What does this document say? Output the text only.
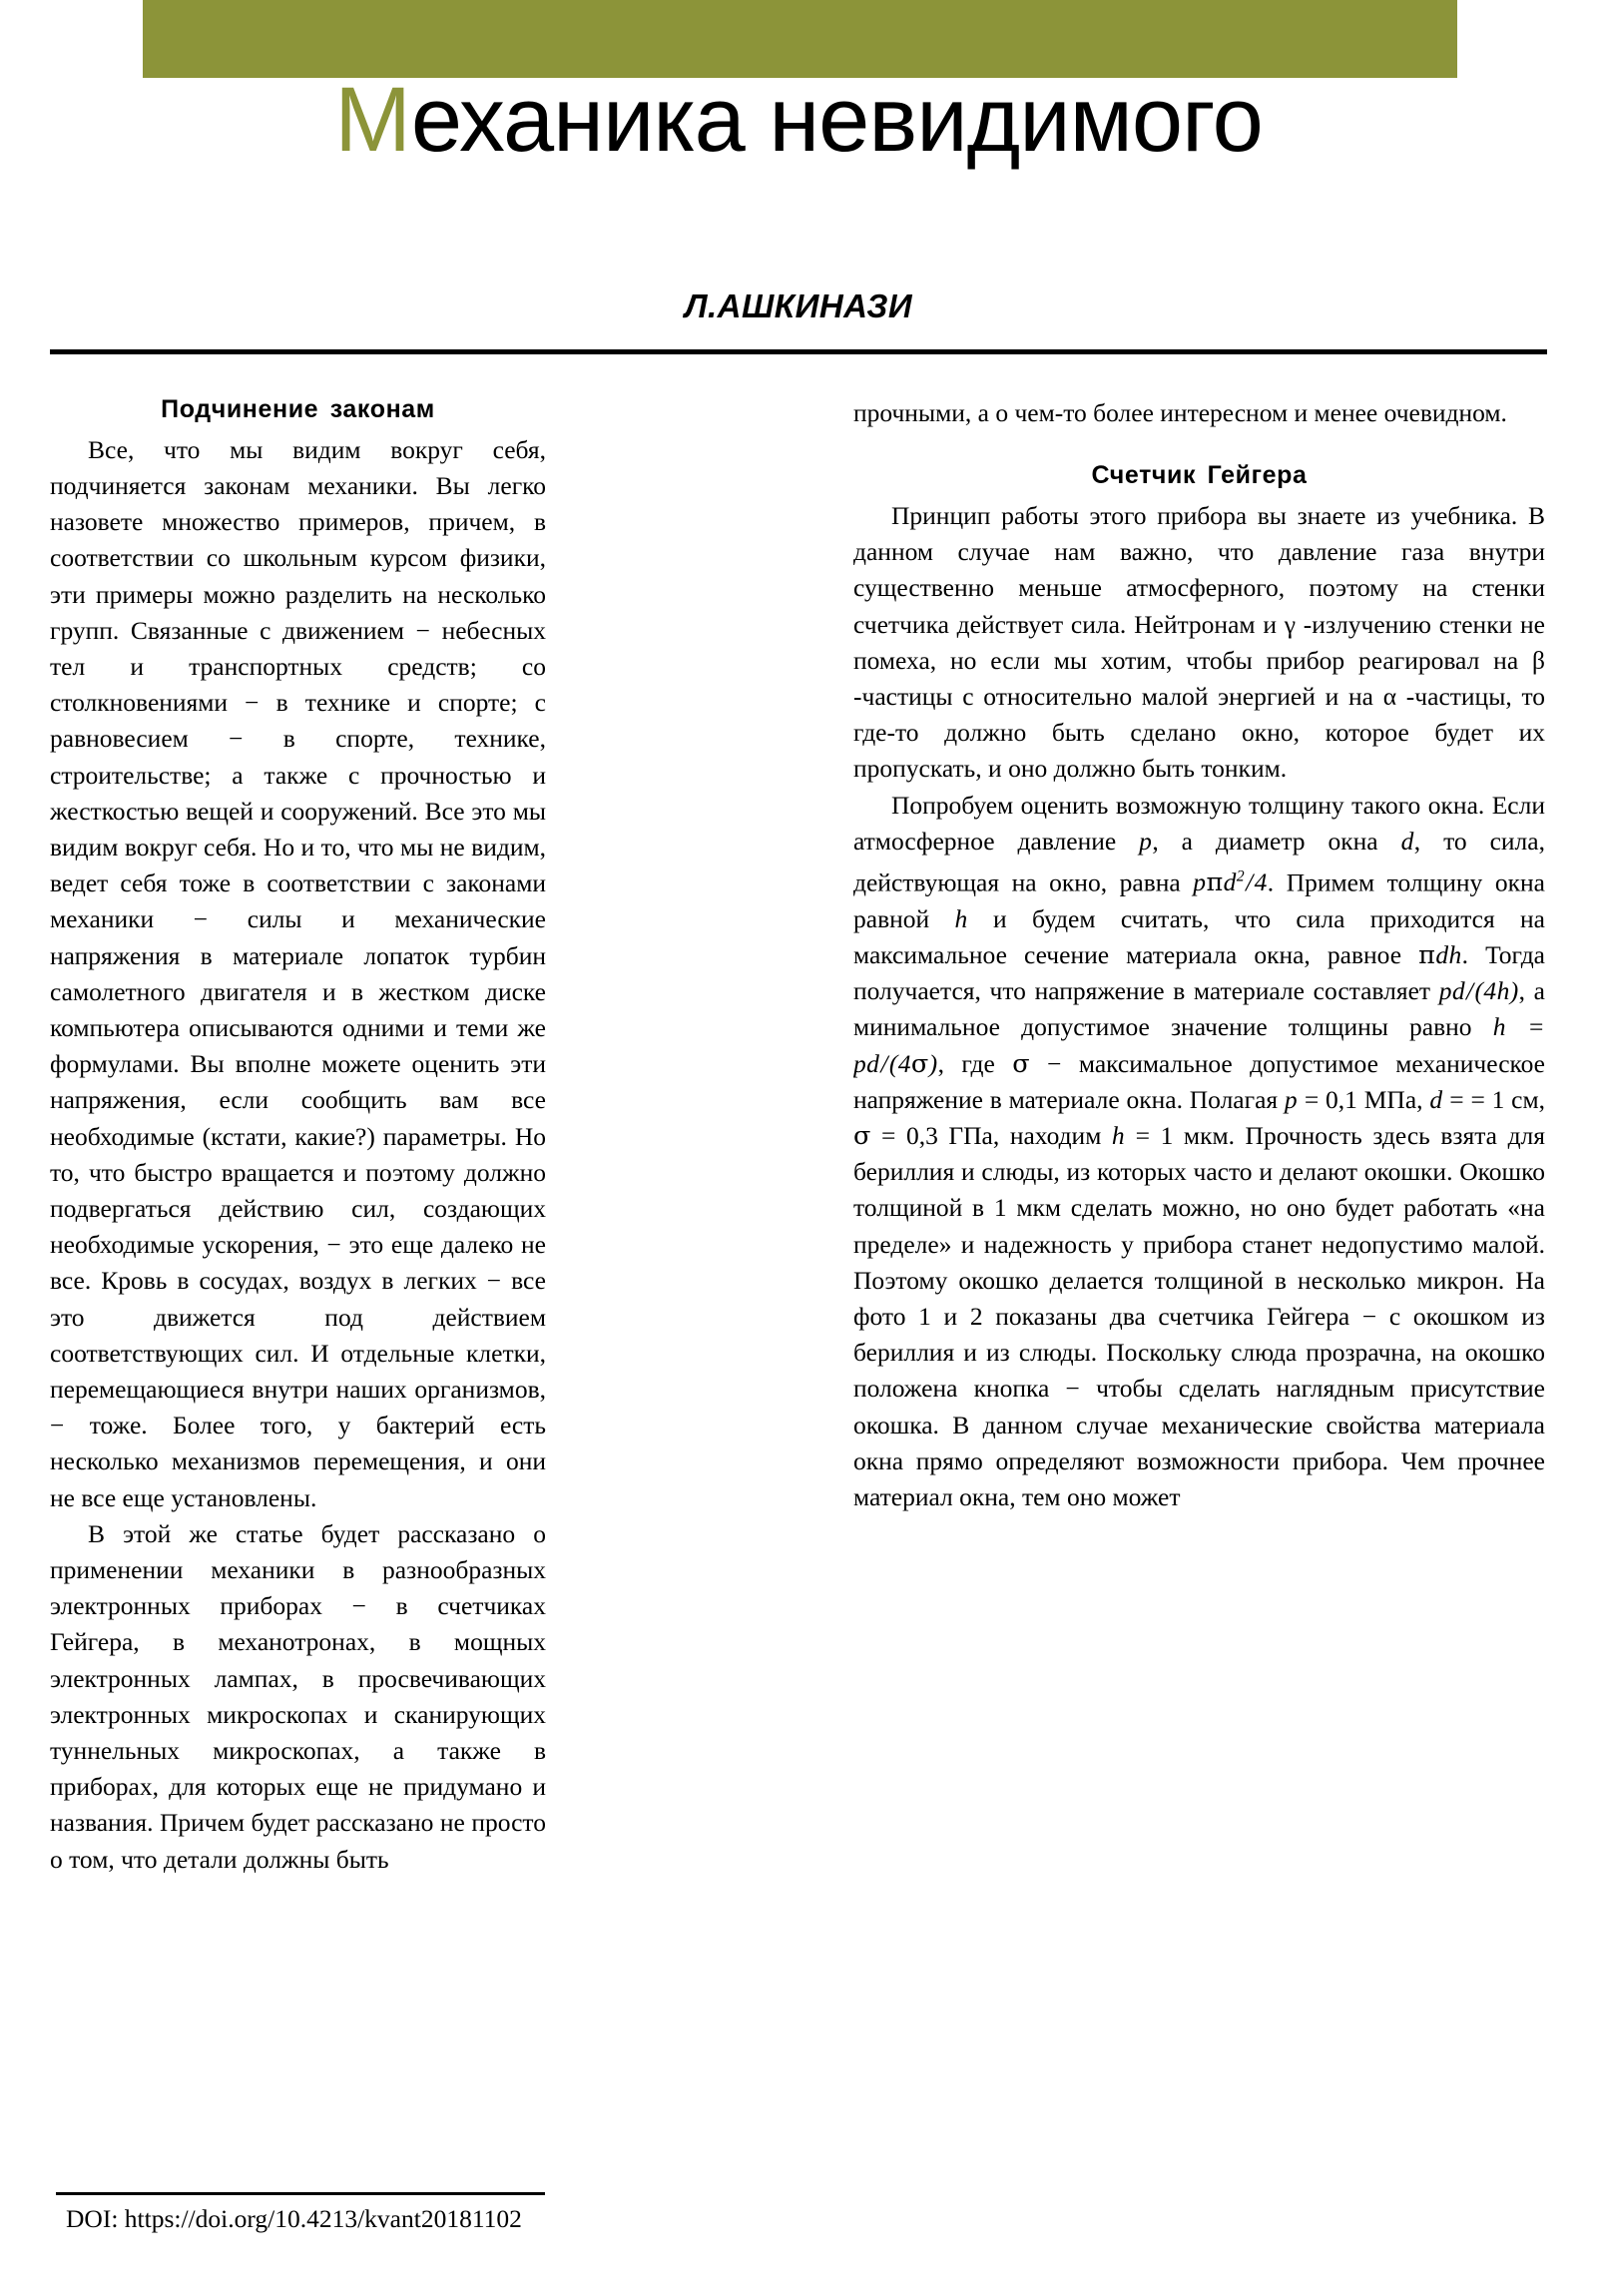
Механика невидимого
Л.АШКИНАЗИ
Подчинение законам

Все, что мы видим вокруг себя, подчиняется законам механики. Вы легко назовете множество примеров, причем, в соответствии со школьным курсом физики, эти примеры можно разделить на несколько групп. Связанные с движением − небесных тел и транспортных средств; со столкновениями − в технике и спорте; с равновесием − в спорте, технике, строительстве; а также с прочностью и жесткостью вещей и сооружений. Все это мы видим вокруг себя. Но и то, что мы не видим, ведет себя тоже в соответствии с законами механики − силы и механические напряжения в материале лопаток турбин самолетного двигателя и в жестком диске компьютера описываются одними и теми же формулами. Вы вполне можете оценить эти напряжения, если сообщить вам все необходимые (кстати, какие?) параметры. Но то, что быстро вращается и поэтому должно подвергаться действию сил, создающих необходимые ускорения, − это еще далеко не все. Кровь в сосудах, воздух в легких − все это движется под действием соответствующих сил. И отдельные клетки, перемещающиеся внутри наших организмов, − тоже. Более того, у бактерий есть несколько механизмов перемещения, и они не все еще установлены.

В этой же статье будет рассказано о применении механики в разнообразных электронных приборах − в счетчиках Гейгера, в механотронах, в мощных электронных лампах, в просвечивающих электронных микроскопах и сканирующих туннельных микроскопах, а также в приборах, для которых еще не придумано и названия. Причем будет рассказано не просто о том, что детали должны быть

прочными, а о чем-то более интересном и менее очевидном.

Счетчик Гейгера

Принцип работы этого прибора вы знаете из учебника. В данном случае нам важно, что давление газа внутри существенно меньше атмосферного, поэтому на стенки счетчика действует сила. Нейтронам и γ -излучению стенки не помеха, но если мы хотим, чтобы прибор реагировал на β -частицы с относительно малой энергией и на α -частицы, то где-то должно быть сделано окно, которое будет их пропускать, и оно должно быть тонким.

Попробуем оценить возможную толщину такого окна. Если атмосферное давление p, а диаметр окна d, то сила, действующая на окно, равна pπd$^2$/4. Примем толщину окна равной h и будем считать, что сила приходится на максимальное сечение материала окна, равное πdh. Тогда получается, что напряжение в материале составляет pd/(4h), а минимальное допустимое значение толщины равно h = pd/(4σ), где σ − максимальное допустимое механическое напряжение в материале окна. Полагая p = 0,1 МПа, d = = 1 см, σ = 0,3 ГПа, находим h = 1 мкм. Прочность здесь взята для бериллия и слюды, из которых часто и делают окошки. Окошко толщиной в 1 мкм сделать можно, но оно будет работать «на пределе» и надежность у прибора станет недопустимо малой. Поэтому окошко делается толщиной в несколько микрон. На фото 1 и 2 показаны два счетчика Гейгера − с окошком из бериллия и из слюды. Поскольку слюда прозрачна, на окошко положена кнопка − чтобы сделать наглядным присутствие окошка. В данном случае механические свойства материала окна прямо определяют возможности прибора. Чем прочнее материал окна, тем оно может

DOI: https://doi.org/10.4213/kvant20181102
